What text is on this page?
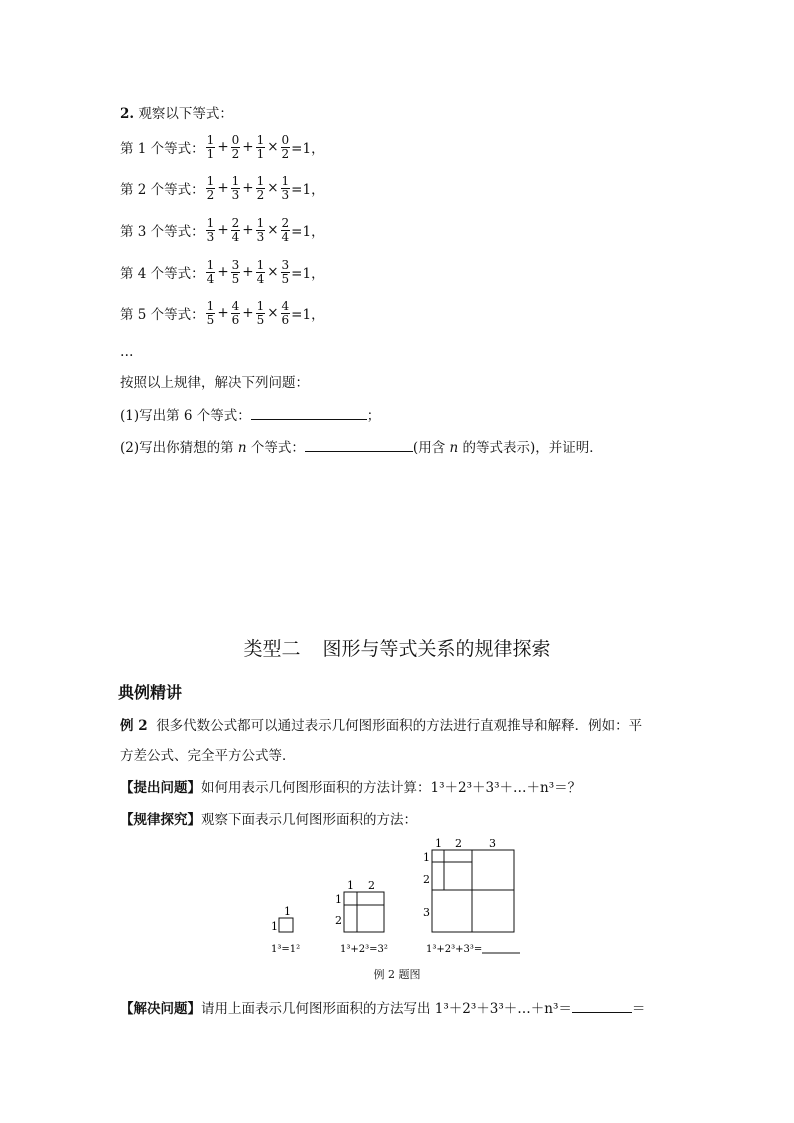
2. 观察以下等式：
第 1 个等式： $\frac{1}{1} + \frac{0}{2} + \frac{1}{1} \times \frac{0}{2} =1$，
第 2 个等式： $\frac{1}{2} + \frac{1}{3} + \frac{1}{2} \times \frac{1}{3} =1$，
第 3 个等式： $\frac{1}{3} + \frac{2}{4} + \frac{1}{3} \times \frac{2}{4} =1$，
第 4 个等式： $\frac{1}{4} + \frac{3}{5} + \frac{1}{4} \times \frac{3}{5} =1$，
第 5 个等式： $\frac{1}{5} + \frac{4}{6} + \frac{1}{5} \times \frac{4}{6} =1$，
…
按照以上规律，解决下列问题：
(1)写出第 6 个等式：	；
(2)写出你猜想的第 n 个等式：	(用含 n 的等式表示)，并证明．
类型二 图形与等式关系的规律探索
典例精讲
例 2 很多代数公式都可以通过表示几何图形面积的方法进行直观推导和解释．例如：平
方差公式、完全平方公式等．
【提出问题】如何用表示几何图形面积的方法计算：1³＋2³＋3³＋…＋n³＝？
【规律探究】观察下面表示几何图形面积的方法：
1
1
1³=1²
1 2
1
2
1³+2³=3²
1 2 3
1
2
3
1³+2³+3³=
例 2 题图
【解决问题】请用上面表示几何图形面积的方法写出 1³＋2³＋3³＋…＋n³＝	＝
